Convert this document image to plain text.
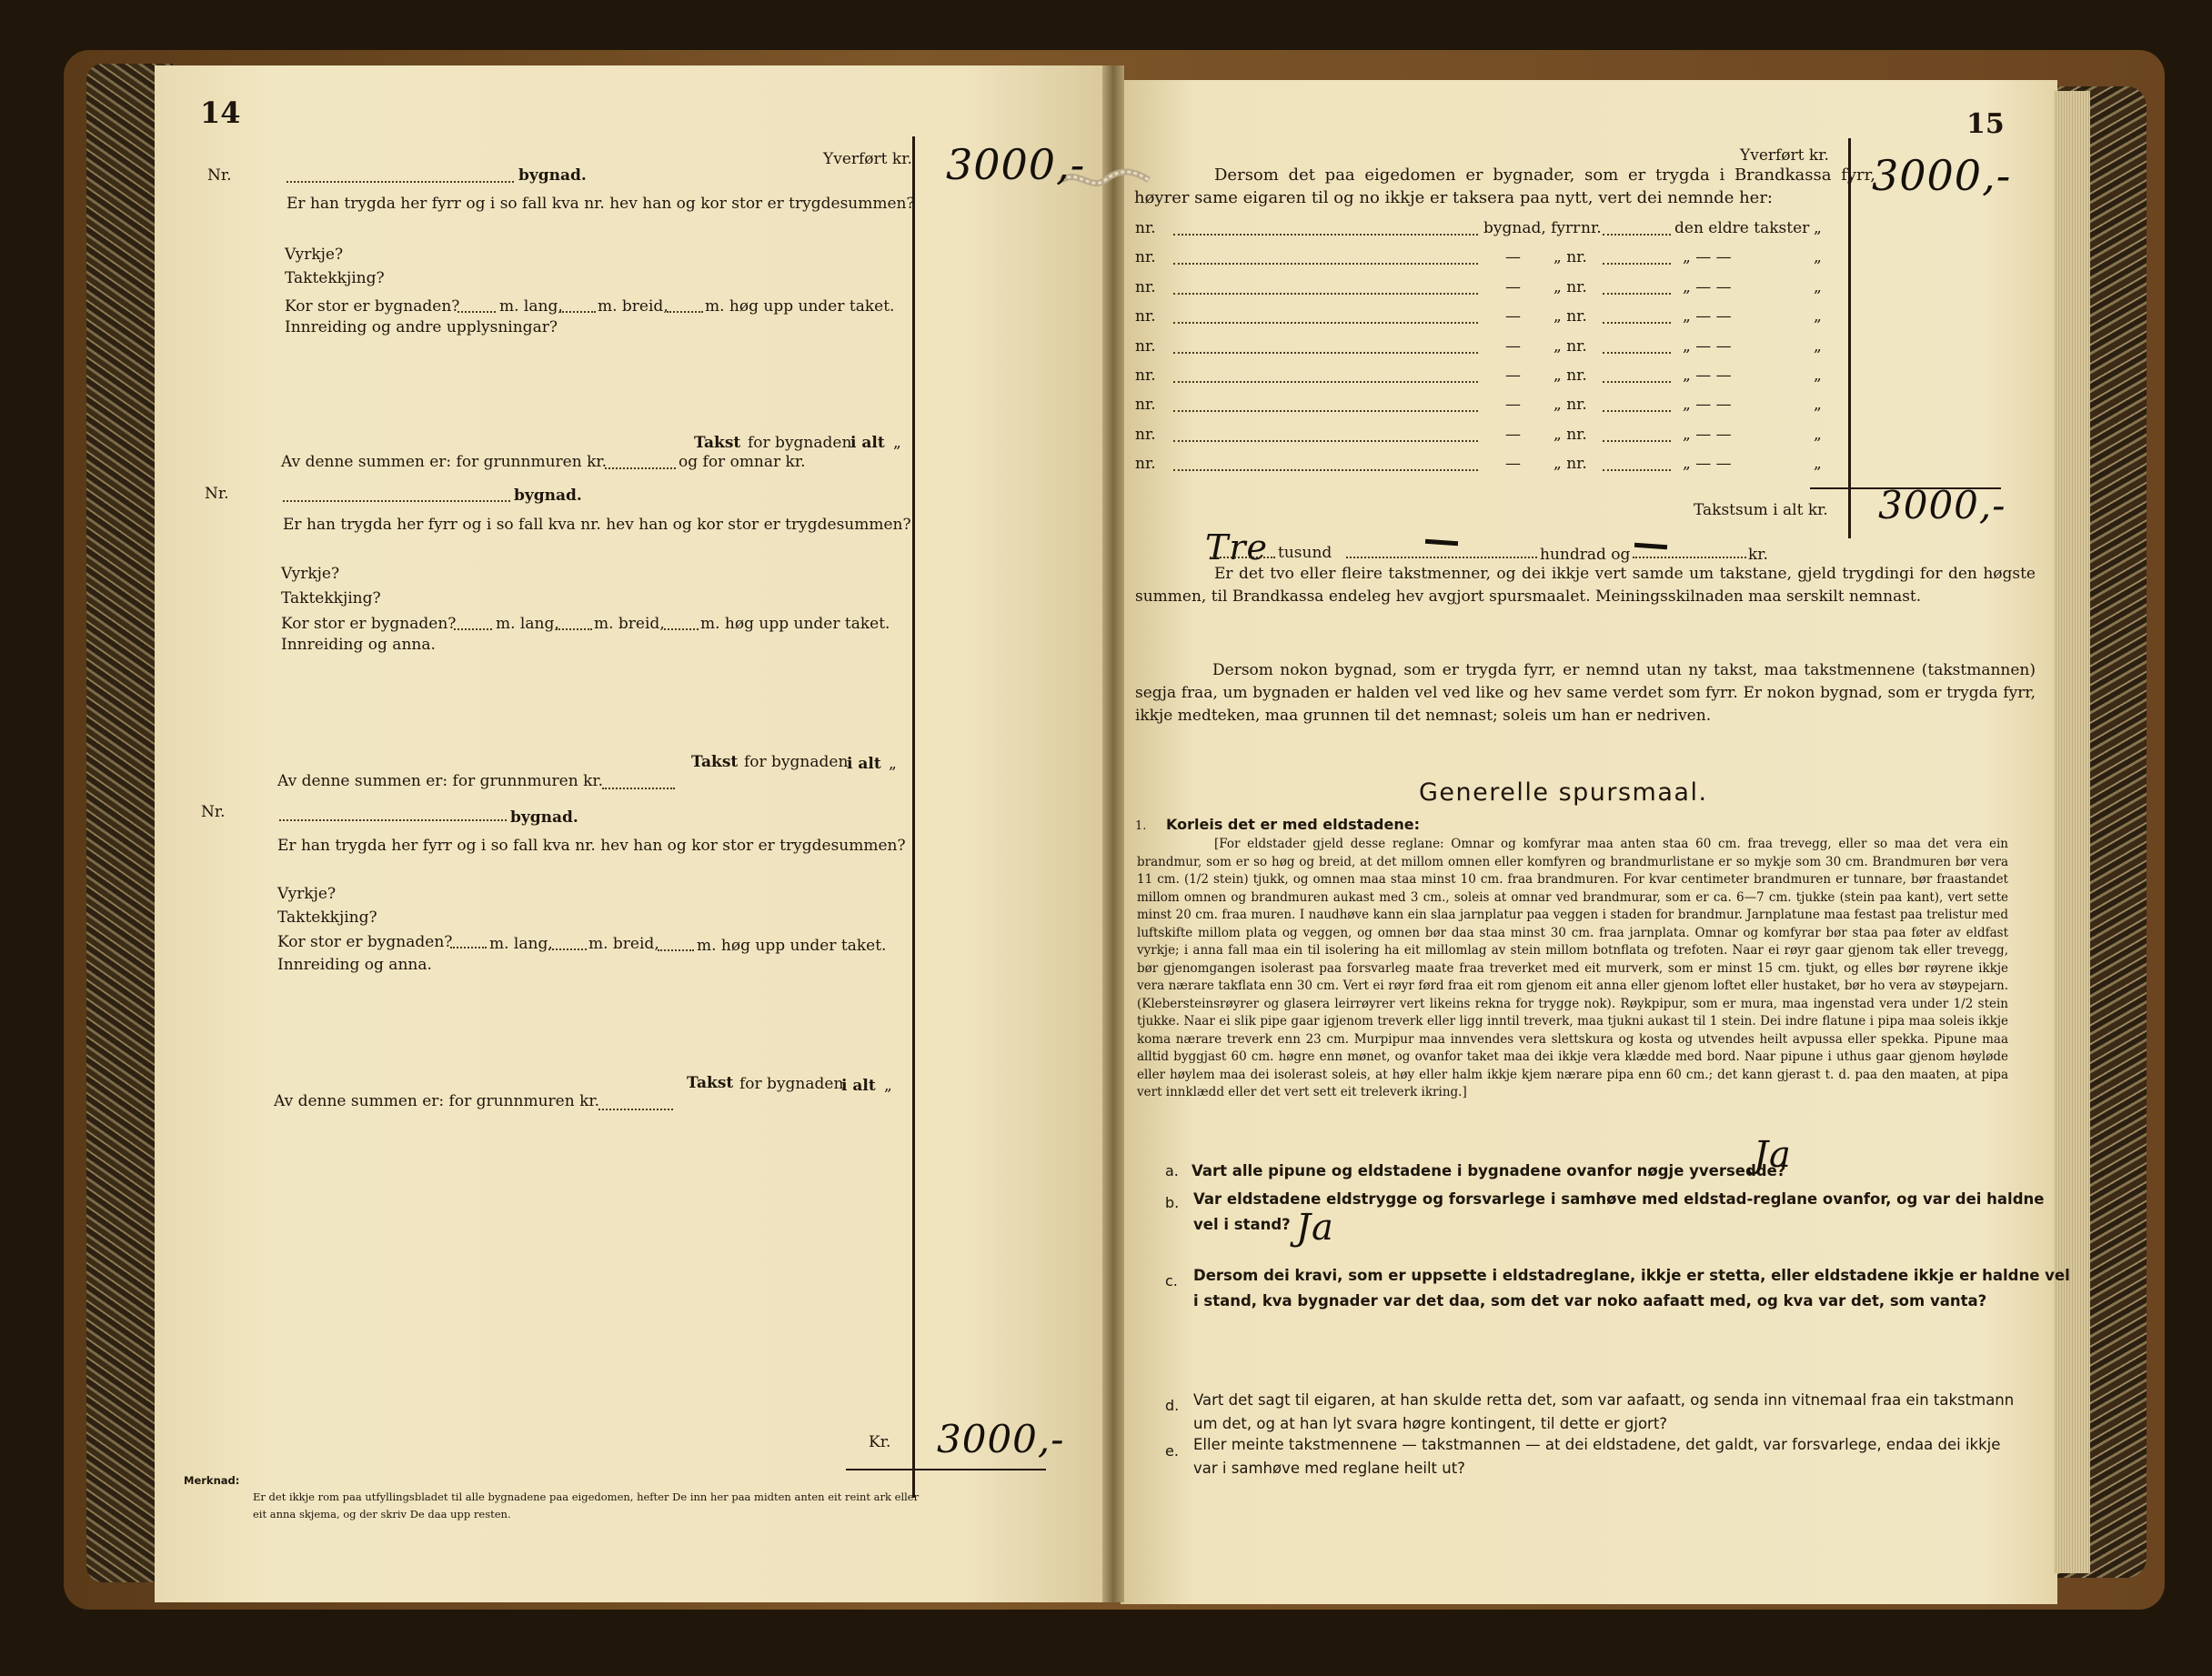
14
Yverført kr. 3000,-
Nr.	bygnad.
Er han trygda her fyrr og i so fall kva nr. hev han og kor stor er trygdesummen?
Vyrkje?
Taktekkjing?
Kor stor er bygnaden?	m. lang, m. breid, m. høg upp under taket.
Innreiding og andre upplysningar?
Takst for bygnaden
i alt „
Av denne summen er: for grunnmuren kr.	og for omnar kr.
Nr.	bygnad.
Er han trygda her fyrr og i so fall kva nr. hev han og kor stor er trygdesummen?
Vyrkje?
Taktekkjing?
Kor stor er bygnaden?	m. lang, m. breid, m. høg upp under taket.
Innreiding og anna.
Takst for bygnaden
i alt „
Av denne summen er: for grunnmuren kr.
Nr.	bygnad.
Er han trygda her fyrr og i so fall kva nr. hev han og kor stor er trygdesummen?
Vyrkje?
Taktekkjing?
Kor stor er bygnaden? m. lang, m. breid, m. høg upp under taket.
Innreiding og anna.
Takst for bygnaden
i alt „
Av denne summen er: for grunnmuren kr.
Kr. 3000,-
Merknad:
Er det ikkje rom paa utfyllingsbladet til alle bygnadene paa eigedomen, hefter De inn her paa midten anten eit reint ark eller
eit anna skjema, og der skriv De daa upp resten.
15
Yverført kr. 3000,-
Dersom det paa eigedomen er bygnader, som er trygda i Brandkassa fyrr,
høyrer same eigaren til og no ikkje er taksera paa nytt, vert dei nemnde her:
nr.	bygnad, fyrr nr.	den eldre takster „
nr.	— „ nr.	„ — —	„
nr.	— „ nr.	„ — —	„
nr.	— „ nr.	„ — —	„
nr.	— „ nr.	„ — —	„
nr.	— „ nr.	„ — —	„
nr.	— „ nr.	„ — —	„
nr.	— „ nr.	„ — —	„
nr.	— „ nr.	„ — —	„
Takstsum i alt kr. 3000,-
Tre tusund	hundrad og	kr.
Er det tvo eller fleire takstmenner, og dei ikkje vert samde um takstane, gjeld trygdingi for den høgste summen, til Brandkassa endeleg hev avgjort spursmaalet. Meiningsskilnaden maa serskilt nemnast.
Dersom nokon bygnad, som er trygda fyrr, er nemnd utan ny takst, maa takstmennene (takstmannen) segja fraa, um bygnaden er halden vel ved like og hev same verdet som fyrr. Er nokon bygnad, som er trygda fyrr, ikkje medteken, maa grunnen til det nemnast; soleis um han er nedriven.
Generelle spursmaal.
1. Korleis det er med eldstadene:
[For eldstader gjeld desse reglane: Omnar og komfyrar maa anten staa 60 cm. fraa trevegg, eller so maa det vera ein brandmur, som er so høg og breid, at det millom omnen eller komfyren og brandmurlistane er so mykje som 30 cm. Brandmuren bør vera 11 cm. (1/2 stein) tjukk, og omnen maa staa minst 10 cm. fraa brandmuren. For kvar centimeter brandmuren er tunnare, bør fraastandet millom omnen og brandmuren aukast med 3 cm., soleis at omnar ved brandmurar, som er ca. 6—7 cm. tjukke (stein paa kant), vert sette minst 20 cm. fraa muren. I naudhøve kann ein slaa jarnplatur paa veggen i staden for brandmur. Jarnplatune maa festast paa trelistur med luftskifte millom plata og veggen, og omnen bør daa staa minst 30 cm. fraa jarnplata. Omnar og komfyrar bør staa paa føter av eldfast vyrkje; i anna fall maa ein til isolering ha eit millomlag av stein millom botnflata og trefoten. Naar ei røyr gaar gjenom tak eller trevegg, bør gjenomgangen isolerast paa forsvarleg maate fraa treverket med eit murverk, som er minst 15 cm. tjukt, og elles bør røyrene ikkje vera nærare takflata enn 30 cm. Vert ei røyr førd fraa eit rom gjenom eit anna eller gjenom loftet eller hustaket, bør ho vera av støypejarn. (Klebersteinsrøyrer og glasera leirrøyrer vert likeins rekna for trygge nok). Røykpipur, som er mura, maa ingenstad vera under 1/2 stein tjukke. Naar ei slik pipe gaar igjenom treverk eller ligg inntil treverk, maa tjukni aukast til 1 stein. Dei indre flatune i pipa maa soleis ikkje koma nærare treverk enn 23 cm. Murpipur maa innvendes vera slettskura og kosta og utvendes heilt avpussa eller spekka. Pipune maa alltid byggjast 60 cm. høgre enn mønet, og ovanfor taket maa dei ikkje vera klædde med bord. Naar pipune i uthus gaar gjenom høyløde eller høylem maa dei isolerast soleis, at høy eller halm ikkje kjem nærare pipa enn 60 cm.; det kann gjerast t. d. paa den maaten, at pipa vert innklædd eller det vert sett eit treleverk ikring.]
a. Vart alle pipune og eldstadene i bygnadene ovanfor nøgje yversedde?
Ja
b. Var eldstadene eldstrygge og forsvarlege i samhøve med eldstad-reglane ovanfor, og var dei haldne
vel i stand? Ja
c. Dersom dei kravi, som er uppsette i eldstadreglane, ikkje er stetta, eller eldstadene ikkje er haldne vel
i stand, kva bygnader var det daa, som det var noko aafaatt med, og kva var det, som vanta?
d. Vart det sagt til eigaren, at han skulde retta det, som var aafaatt, og senda inn vitnemaal fraa ein takstmann
um det, og at han lyt svara høgre kontingent, til dette er gjort?
e. Eller meinte takstmennene — takstmannen — at dei eldstadene, det galdt, var forsvarlege, endaa dei ikkje
var i samhøve med reglane heilt ut?
